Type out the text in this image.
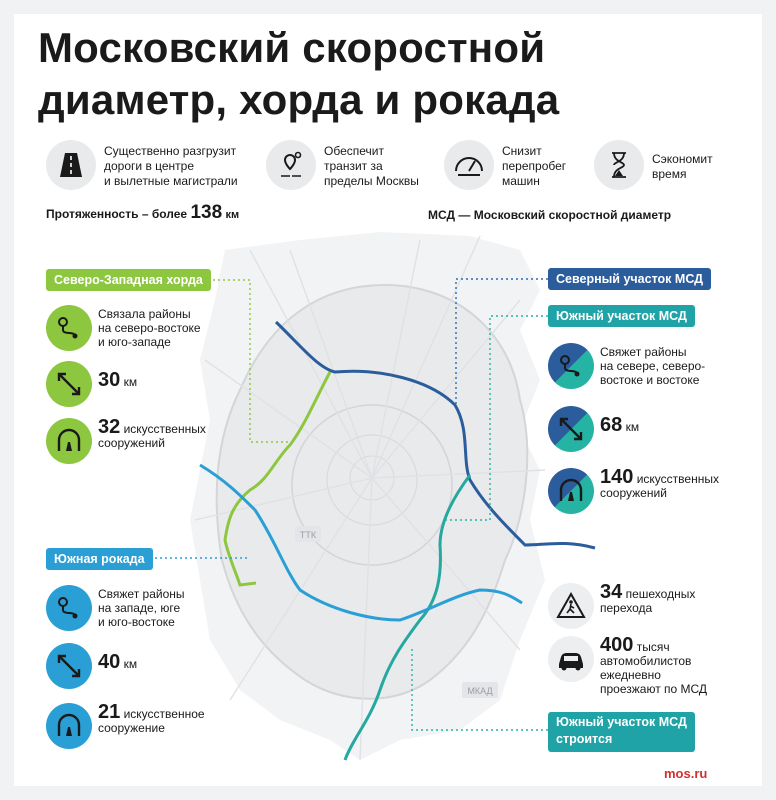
ТТК
МКАД
Московский скоростной
диаметр, хорда и рокада
Существенно разгрузит
дороги в центре
и вылетные магистрали
Обеспечит
транзит за
пределы Москвы
Снизит
перепробег
машин
Сэкономит
время
Протяженность – более 138 км	МСД — Московский скоростной диаметр
Северо-Западная хорда
Связала районы
на северо-востоке
и юго-западе
30 км
32 искусственных
сооружений
Южная рокада
Свяжет районы
на западе, юге
и юго-востоке
40 км
21 искусственное
сооружение
Северный участок МСД
Южный участок МСД
Свяжет районы
на севере, северо-
востоке и востоке
68 км
140 искусственных
сооружений
34 пешеходных
перехода
400 тысяч
автомобилистов
ежедневно
проезжают по МСД
Южный участок МСД
строится
mos.ru
